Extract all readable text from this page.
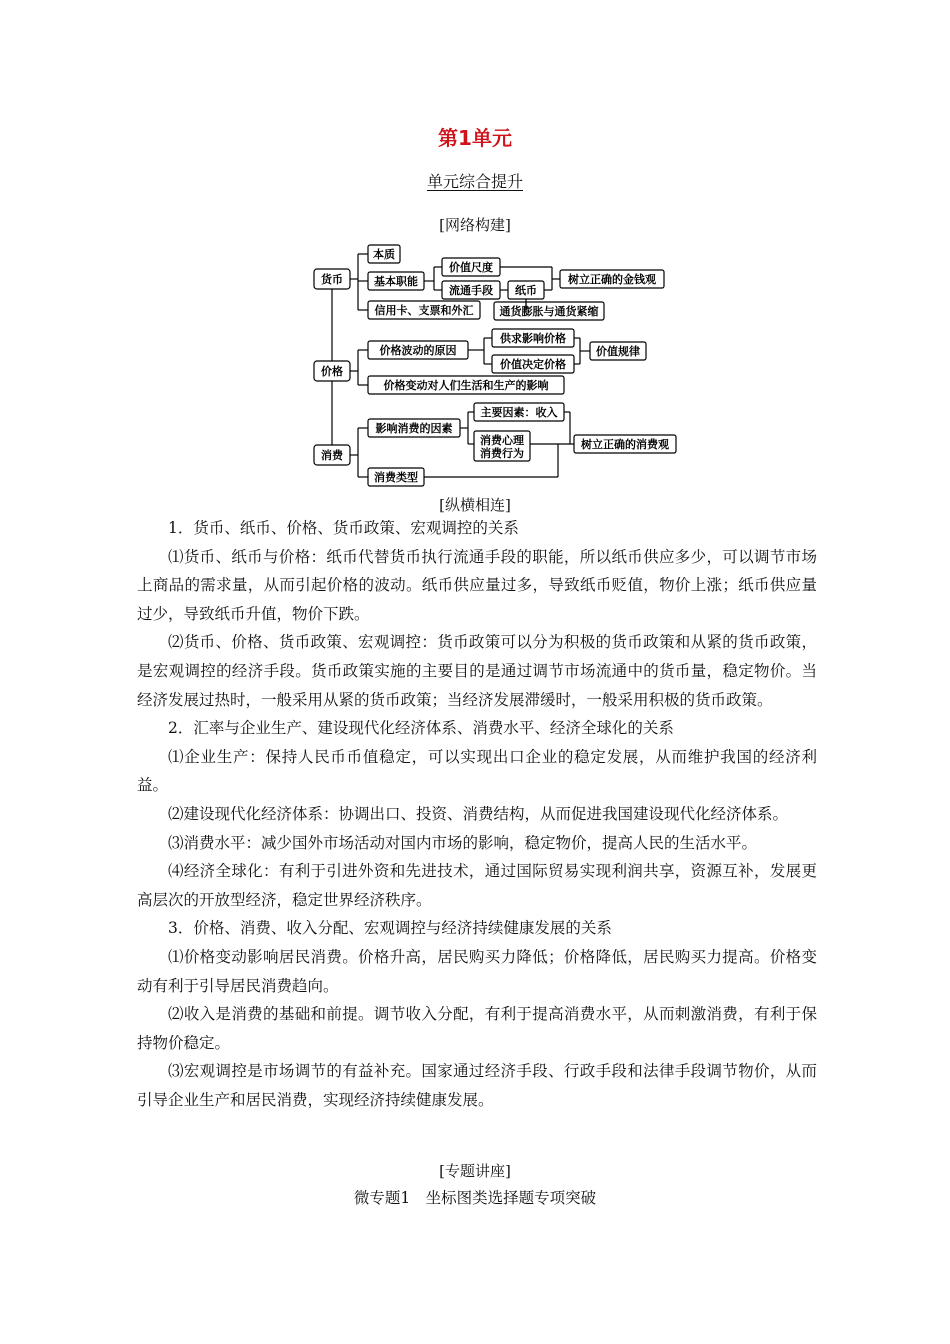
第1单元
单元综合提升
[网络构建]
货币
价格
消费
本质
基本职能
信用卡、支票和外汇
价值尺度
流通手段 纸币
树立正确的金钱观
通货膨胀与通货紧缩
价格波动的原因
供求影响价格
价值决定价格
价值规律
价格变动对人们生活和生产的影响
影响消费的因素
主要因素：收入
消费心理
消费行为
树立正确的消费观
消费类型
[纵横相连]

1．货币、纸币、价格、货币政策、宏观调控的关系

⑴货币、纸币与价格：纸币代替货币执行流通手段的职能，所以纸币供应多少，可以调节市场上商品的需求量，从而引起价格的波动。纸币供应量过多，导致纸币贬值，物价上涨；纸币供应量过少，导致纸币升值，物价下跌。

⑵货币、价格、货币政策、宏观调控：货币政策可以分为积极的货币政策和从紧的货币政策，是宏观调控的经济手段。货币政策实施的主要目的是通过调节市场流通中的货币量，稳定物价。当经济发展过热时，一般采用从紧的货币政策；当经济发展滞缓时，一般采用积极的货币政策。

2．汇率与企业生产、建设现代化经济体系、消费水平、经济全球化的关系

⑴企业生产：保持人民币币值稳定，可以实现出口企业的稳定发展，从而维护我国的经济利益。

⑵建设现代化经济体系：协调出口、投资、消费结构，从而促进我国建设现代化经济体系。

⑶消费水平：减少国外市场活动对国内市场的影响，稳定物价，提高人民的生活水平。

⑷经济全球化：有利于引进外资和先进技术，通过国际贸易实现利润共享，资源互补，发展更高层次的开放型经济，稳定世界经济秩序。

3．价格、消费、收入分配、宏观调控与经济持续健康发展的关系

⑴价格变动影响居民消费。价格升高，居民购买力降低；价格降低，居民购买力提高。价格变动有利于引导居民消费趋向。

⑵收入是消费的基础和前提。调节收入分配，有利于提高消费水平，从而刺激消费，有利于保持物价稳定。

⑶宏观调控是市场调节的有益补充。国家通过经济手段、行政手段和法律手段调节物价，从而引导企业生产和居民消费，实现经济持续健康发展。

[专题讲座]
微专题1　坐标图类选择题专项突破
